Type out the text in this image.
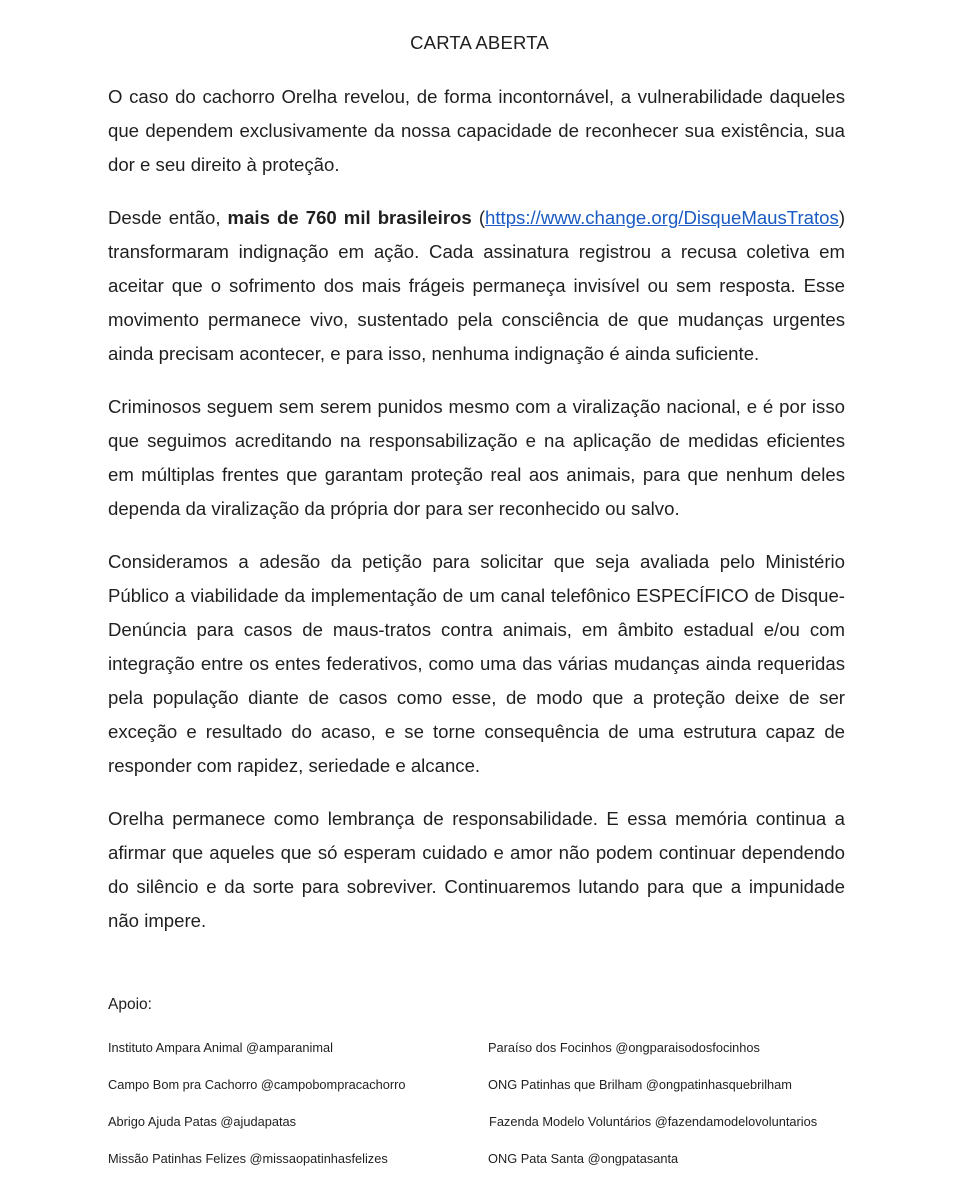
CARTA ABERTA

O caso do cachorro Orelha revelou, de forma incontornável, a vulnerabilidade daqueles que dependem exclusivamente da nossa capacidade de reconhecer sua existência, sua dor e seu direito à proteção.

Desde então, mais de 760 mil brasileiros (https://www.change.org/DisqueMausTratos) transformaram indignação em ação. Cada assinatura registrou a recusa coletiva em aceitar que o sofrimento dos mais frágeis permaneça invisível ou sem resposta. Esse movimento permanece vivo, sustentado pela consciência de que mudanças urgentes ainda precisam acontecer, e para isso, nenhuma indignação é ainda suficiente.

Criminosos seguem sem serem punidos mesmo com a viralização nacional, e é por isso que seguimos acreditando na responsabilização e na aplicação de medidas eficientes em múltiplas frentes que garantam proteção real aos animais, para que nenhum deles dependa da viralização da própria dor para ser reconhecido ou salvo.

Consideramos a adesão da petição para solicitar que seja avaliada pelo Ministério Público a viabilidade da implementação de um canal telefônico ESPECÍFICO de Disque-Denúncia para casos de maus-tratos contra animais, em âmbito estadual e/ou com integração entre os entes federativos, como uma das várias mudanças ainda requeridas pela população diante de casos como esse, de modo que a proteção deixe de ser exceção e resultado do acaso, e se torne consequência de uma estrutura capaz de responder com rapidez, seriedade e alcance.

Orelha permanece como lembrança de responsabilidade. E essa memória continua a afirmar que aqueles que só esperam cuidado e amor não podem continuar dependendo do silêncio e da sorte para sobreviver. Continuaremos lutando para que a impunidade não impere.

Apoio:
Instituto Ampara Animal @amparanimal	Paraíso dos Focinhos @ongparaisodosfocinhos
Campo Bom pra Cachorro @campobompracachorro	ONG Patinhas que Brilham @ongpatinhasquebrilham
Abrigo Ajuda Patas @ajudapatas	Fazenda Modelo Voluntários @fazendamodelovoluntarios
Missão Patinhas Felizes @missaopatinhasfelizes	ONG Pata Santa @ongpatasanta
